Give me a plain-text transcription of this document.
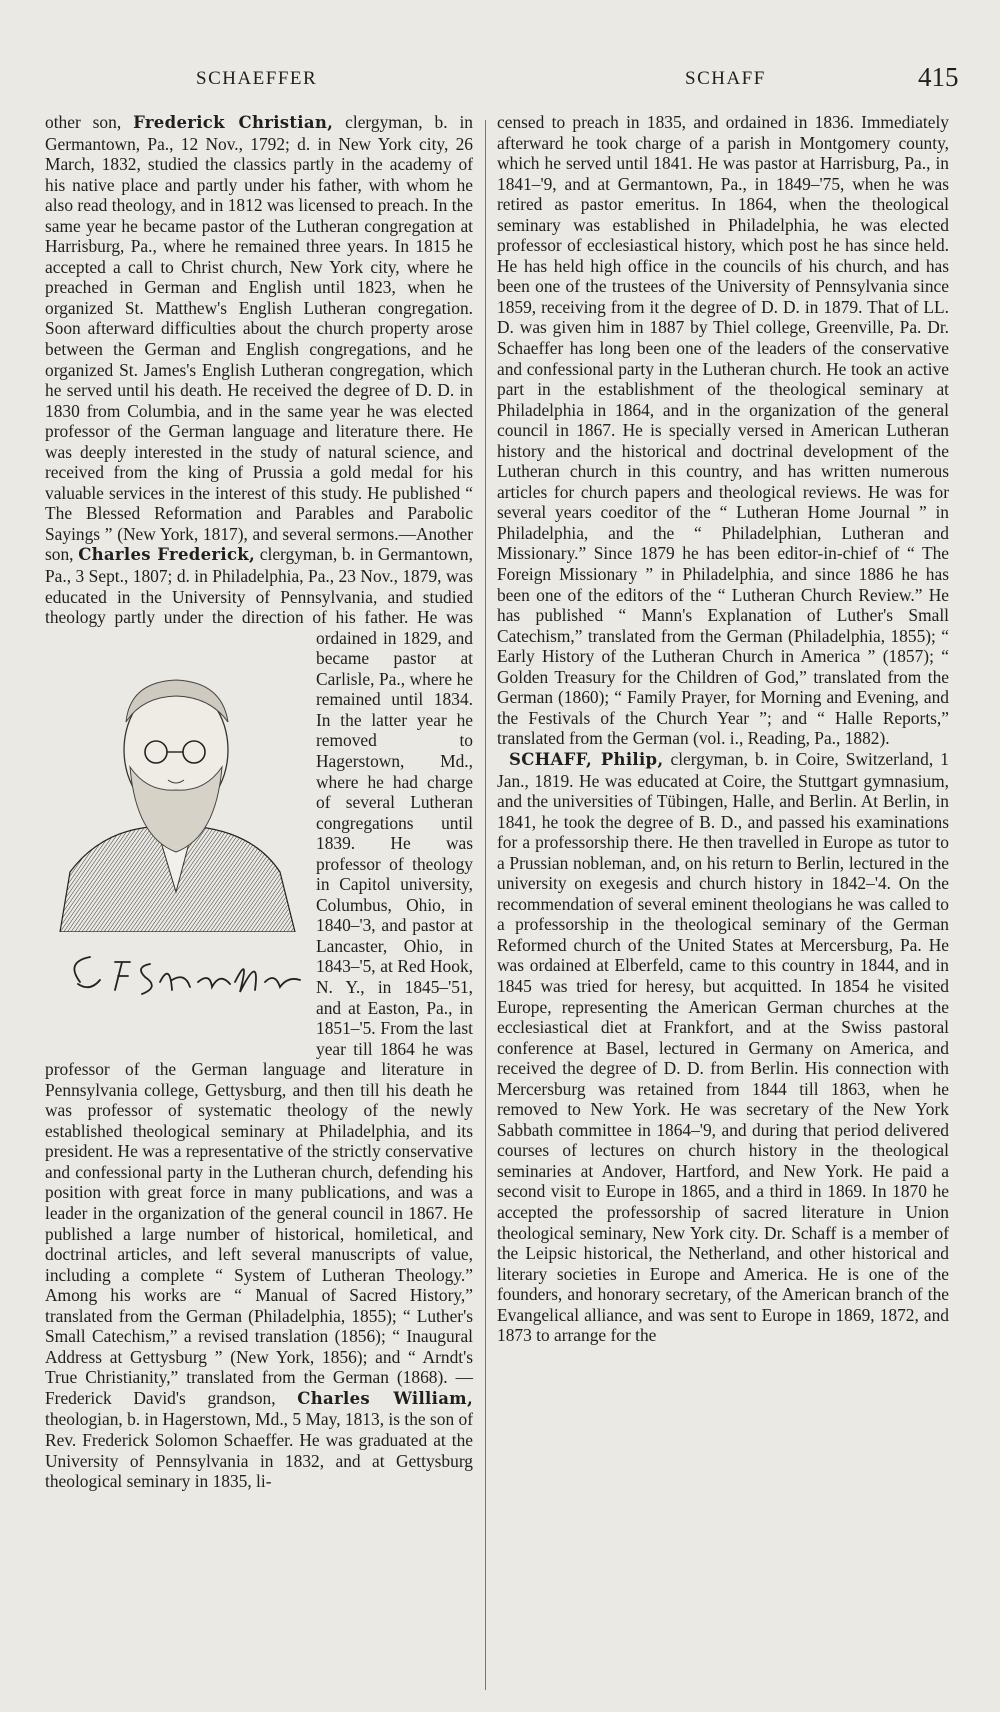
SCHAEFFER	SCHAFF	415

other son, Frederick Christian, clergyman, b. in Germantown, Pa., 12 Nov., 1792; d. in New York city, 26 March, 1832, studied the classics partly in the academy of his native place and partly under his father, with whom he also read theology, and in 1812 was licensed to preach. In the same year he became pastor of the Lutheran congregation at Harrisburg, Pa., where he remained three years. In 1815 he accepted a call to Christ church, New York city, where he preached in German and English until 1823, when he organized St. Matthew's English Lutheran congregation. Soon afterward difficulties about the church property arose between the German and English congregations, and he organized St. James's English Lutheran congregation, which he served until his death. He received the degree of D. D. in 1830 from Columbia, and in the same year he was elected professor of the German language and literature there. He was deeply interested in the study of natural science, and received from the king of Prussia a gold medal for his valuable services in the interest of this study. He published “ The Blessed Reformation and Parables and Parabolic Sayings ” (New York, 1817), and several sermons.—Another son, Charles Frederick, clergyman, b. in Germantown, Pa., 3 Sept., 1807; d. in Philadelphia, Pa., 23 Nov., 1879, was educated in the University of Pennsylvania, and studied theology partly under the direction of
his father. He was ordained in 1829, and became pastor at Carlisle, Pa., where he remained until 1834. In the latter year he removed to Hagerstown, Md., where he had charge of several Lutheran congregations until 1839. He was professor of theology in Capitol university, Columbus, Ohio, in 1840–'3, and pastor at Lancaster, Ohio, in 1843–'5, at Red Hook, N. Y., in 1845–'51, and at Easton, Pa., in 1851–'5. From the last year till 1864 he was professor of the German language and literature in Pennsylvania college, Gettysburg, and then till his death he was professor of systematic theology of the newly established theological seminary at Philadelphia, and its president. He was a representative of the strictly conservative and confessional party in the Lutheran church, defending his position with great force in many publications, and was a leader in the organization of the general council in 1867. He published a large number of historical, homiletical, and doctrinal articles, and left several manuscripts of value, including a complete “ System of Lutheran Theology.” Among his works are “ Manual of Sacred History,” translated from the German (Philadelphia, 1855); “ Luther's Small Catechism,” a revised translation (1856); “ Inaugural Address at Gettysburg ” (New York, 1856); and “ Arndt's True Christianity,” translated from the German (1868). — Frederick David's grandson, Charles William, theologian, b. in Hagerstown, Md., 5 May, 1813, is the son of Rev. Frederick Solomon Schaeffer. He was graduated at the University of Pennsylvania in 1832, and at Gettysburg theological seminary in 1835, li-

censed to preach in 1835, and ordained in 1836. Immediately afterward he took charge of a parish in Montgomery county, which he served until 1841. He was pastor at Harrisburg, Pa., in 1841–'9, and at Germantown, Pa., in 1849–'75, when he was retired as pastor emeritus. In 1864, when the theological seminary was established in Philadelphia, he was elected professor of ecclesiastical history, which post he has since held. He has held high office in the councils of his church, and has been one of the trustees of the University of Pennsylvania since 1859, receiving from it the degree of D. D. in 1879. That of LL. D. was given him in 1887 by Thiel college, Greenville, Pa. Dr. Schaeffer has long been one of the leaders of the conservative and confessional party in the Lutheran church. He took an active part in the establishment of the theological seminary at Philadelphia in 1864, and in the organization of the general council in 1867. He is specially versed in American Lutheran history and the historical and doctrinal development of the Lutheran church in this country, and has written numerous articles for church papers and theological reviews. He was for several years coeditor of the “ Lutheran Home Journal ” in Philadelphia, and the “ Philadelphian, Lutheran and Missionary.” Since 1879 he has been editor-in-chief of “ The Foreign Missionary ” in Philadelphia, and since 1886 he has been one of the editors of the “ Lutheran Church Review.” He has published “ Mann's Explanation of Luther's Small Catechism,” translated from the German (Philadelphia, 1855); “ Early History of the Lutheran Church in America ” (1857); “ Golden Treasury for the Children of God,” translated from the German (1860); “ Family Prayer, for Morning and Evening, and the Festivals of the Church Year ”; and “ Halle Reports,” translated from the German (vol. i., Reading, Pa., 1882).

SCHAFF, Philip, clergyman, b. in Coire, Switzerland, 1 Jan., 1819. He was educated at Coire, the Stuttgart gymnasium, and the universities of Tübingen, Halle, and Berlin. At Berlin, in 1841, he took the degree of B. D., and passed his examinations for a professorship there. He then travelled in Europe as tutor to a Prussian nobleman, and, on his return to Berlin, lectured in the university on exegesis and church history in 1842–'4. On the recommendation of several eminent theologians he was called to a professorship in the theological seminary of the German Reformed church of the United States at Mercersburg, Pa. He was ordained at Elberfeld, came to this country in 1844, and in 1845 was tried for heresy, but acquitted. In 1854 he visited Europe, representing the American German churches at the ecclesiastical diet at Frankfort, and at the Swiss pastoral conference at Basel, lectured in Germany on America, and received the degree of D. D. from Berlin. His connection with Mercersburg was retained from 1844 till 1863, when he removed to New York. He was secretary of the New York Sabbath committee in 1864–'9, and during that period delivered courses of lectures on church history in the theological seminaries at Andover, Hartford, and New York. He paid a second visit to Europe in 1865, and a third in 1869. In 1870 he accepted the professorship of sacred literature in Union theological seminary, New York city. Dr. Schaff is a member of the Leipsic historical, the Netherland, and other historical and literary societies in Europe and America. He is one of the founders, and honorary secretary, of the American branch of the Evangelical alliance, and was sent to Europe in 1869, 1872, and 1873 to arrange for the
